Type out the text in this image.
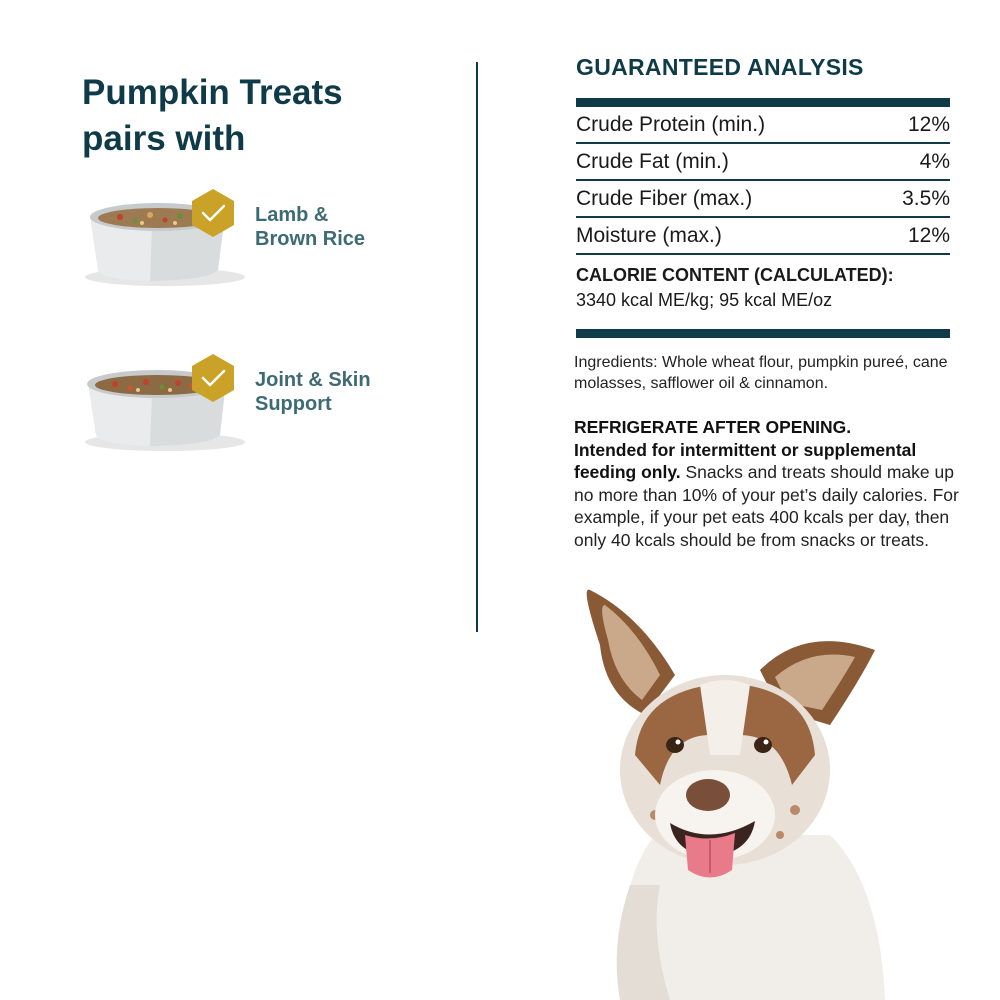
Pumpkin Treats
pairs with
Lamb &
Brown Rice
Joint & Skin
Support
GUARANTEED ANALYSIS
Crude Protein (min.)	12%
Crude Fat (min.)	4%
Crude Fiber (max.)	3.5%
Moisture (max.)	12%
CALORIE CONTENT (CALCULATED):
3340 kcal ME/kg; 95 kcal ME/oz

Ingredients: Whole wheat flour, pumpkin pureé, cane molasses, safflower oil & cinnamon.

REFRIGERATE AFTER OPENING.
Intended for intermittent or supplemental feeding only. Snacks and treats should make up no more than 10% of your pet’s daily calories. For example, if your pet eats 400 kcals per day, then only 40 kcals should be from snacks or treats.
